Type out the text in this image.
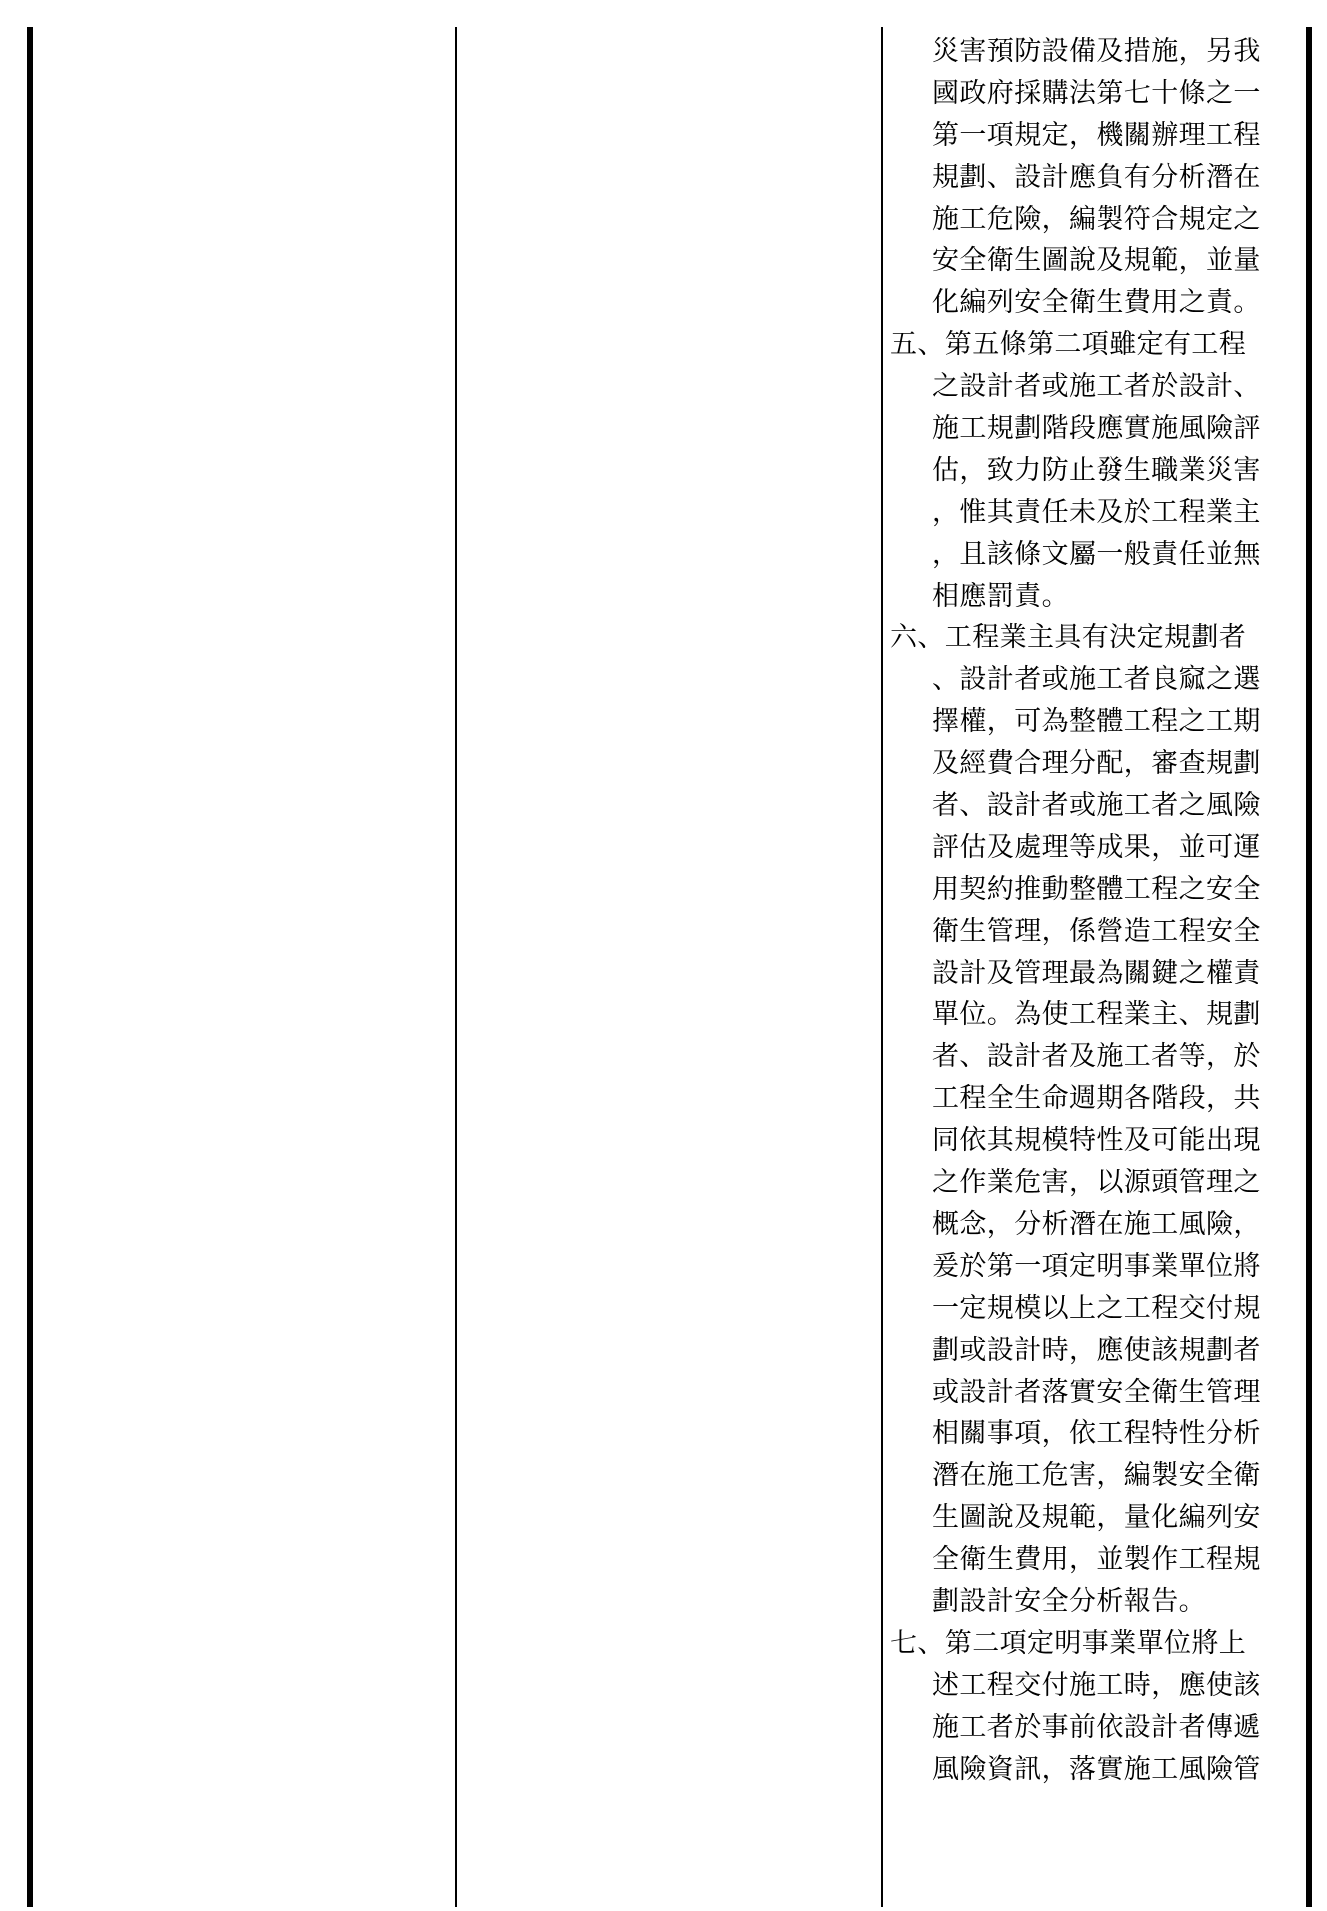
災害預防設備及措施，另我
國政府採購法第七十條之一
第一項規定，機關辦理工程
規劃、設計應負有分析潛在
施工危險，編製符合規定之
安全衛生圖說及規範，並量
化編列安全衛生費用之責。
五、第五條第二項雖定有工程
之設計者或施工者於設計、
施工規劃階段應實施風險評
估，致力防止發生職業災害
，惟其責任未及於工程業主
，且該條文屬一般責任並無
相應罰責。
六、工程業主具有決定規劃者
、設計者或施工者良窳之選
擇權，可為整體工程之工期
及經費合理分配，審查規劃
者、設計者或施工者之風險
評估及處理等成果，並可運
用契約推動整體工程之安全
衛生管理，係營造工程安全
設計及管理最為關鍵之權責
單位。為使工程業主、規劃
者、設計者及施工者等，於
工程全生命週期各階段，共
同依其規模特性及可能出現
之作業危害，以源頭管理之
概念，分析潛在施工風險，
爰於第一項定明事業單位將
一定規模以上之工程交付規
劃或設計時，應使該規劃者
或設計者落實安全衛生管理
相關事項，依工程特性分析
潛在施工危害，編製安全衛
生圖說及規範，量化編列安
全衛生費用，並製作工程規
劃設計安全分析報告。
七、第二項定明事業單位將上
述工程交付施工時，應使該
施工者於事前依設計者傳遞
風險資訊，落實施工風險管
